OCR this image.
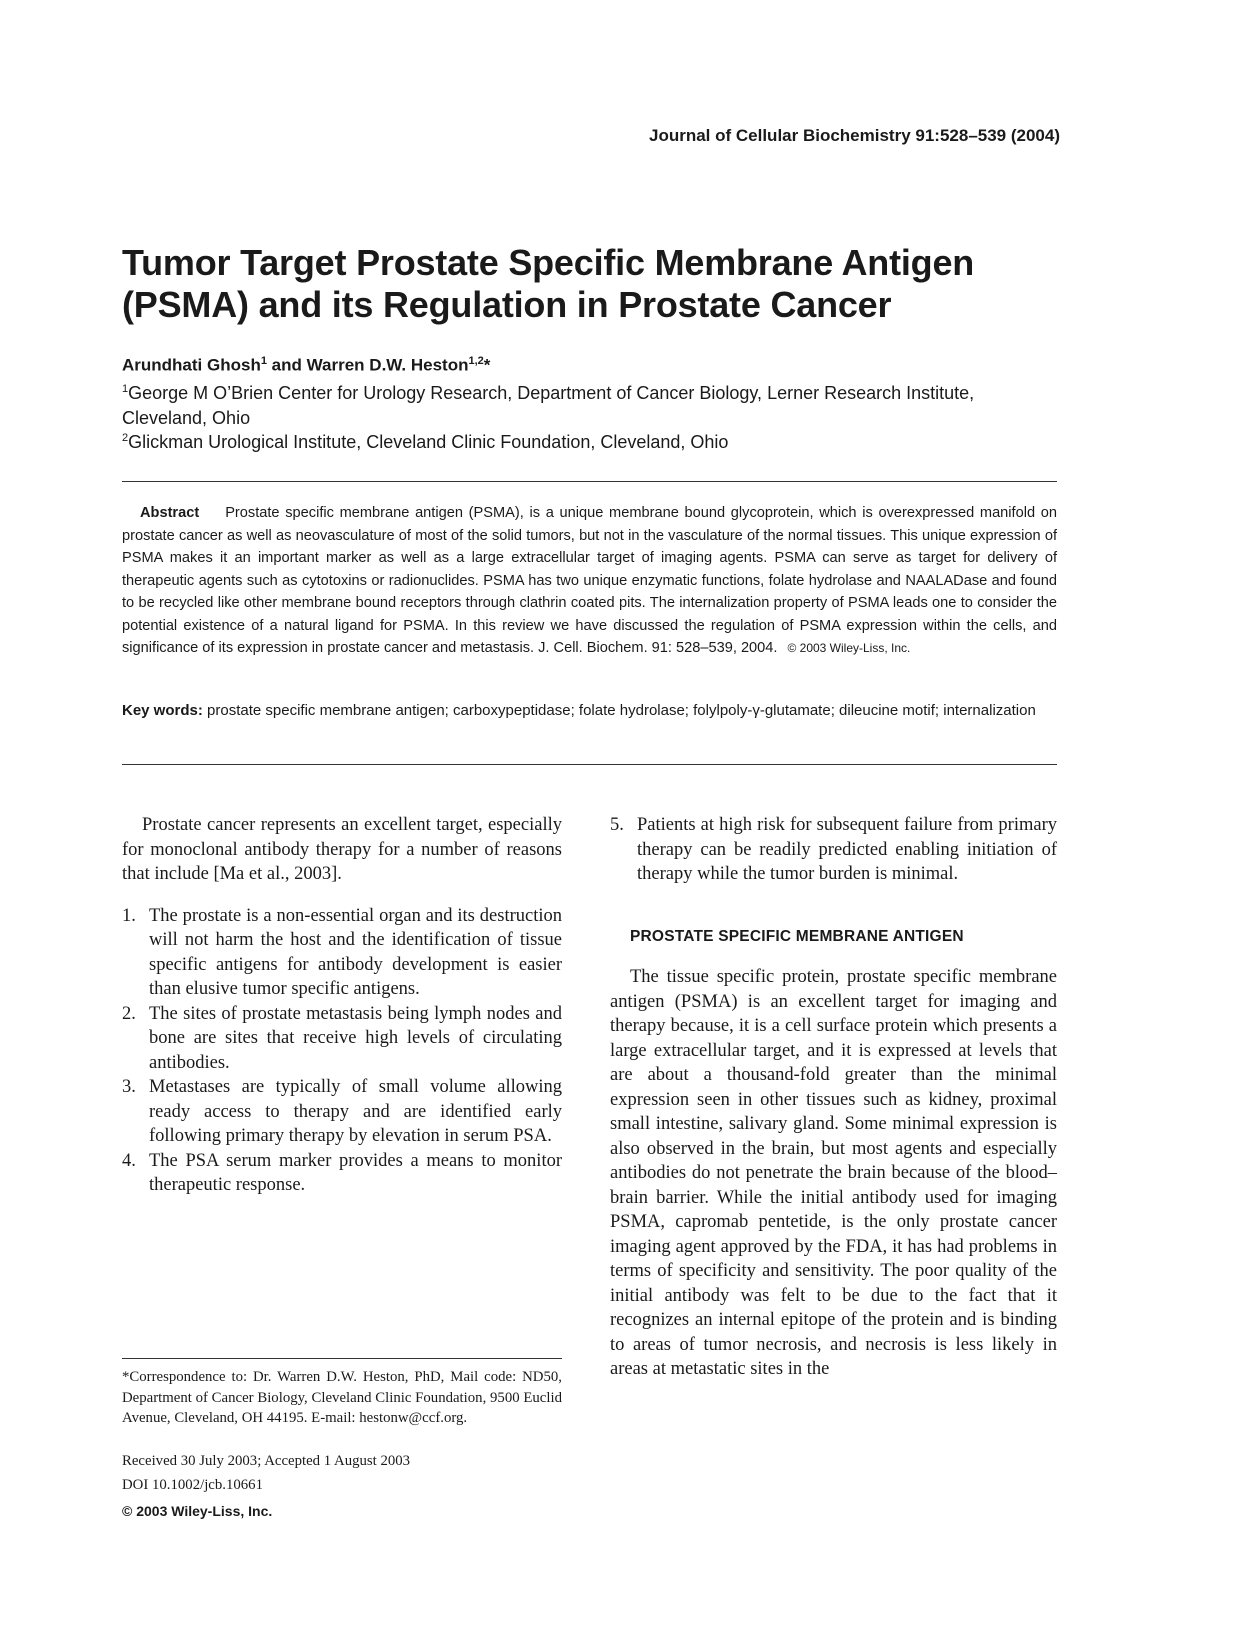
Journal of Cellular Biochemistry 91:528–539 (2004)
Tumor Target Prostate Specific Membrane Antigen (PSMA) and its Regulation in Prostate Cancer
Arundhati Ghosh$^1$ and Warren D.W. Heston$^{1,2}$*
$^1$George M O’Brien Center for Urology Research, Department of Cancer Biology, Lerner Research Institute, Cleveland, Ohio
$^2$Glickman Urological Institute, Cleveland Clinic Foundation, Cleveland, Ohio
Abstract Prostate specific membrane antigen (PSMA), is a unique membrane bound glycoprotein, which is overexpressed manifold on prostate cancer as well as neovasculature of most of the solid tumors, but not in the vasculature of the normal tissues. This unique expression of PSMA makes it an important marker as well as a large extracellular target of imaging agents. PSMA can serve as target for delivery of therapeutic agents such as cytotoxins or radionuclides. PSMA has two unique enzymatic functions, folate hydrolase and NAALADase and found to be recycled like other membrane bound receptors through clathrin coated pits. The internalization property of PSMA leads one to consider the potential existence of a natural ligand for PSMA. In this review we have discussed the regulation of PSMA expression within the cells, and significance of its expression in prostate cancer and metastasis. J. Cell. Biochem. 91: 528–539, 2004. © 2003 Wiley-Liss, Inc.
Key words: prostate specific membrane antigen; carboxypeptidase; folate hydrolase; folylpoly-γ-glutamate; dileucine motif; internalization

Prostate cancer represents an excellent target, especially for monoclonal antibody therapy for a number of reasons that include [Ma et al., 2003].

1. The prostate is a non-essential organ and its destruction will not harm the host and the identification of tissue specific antigens for antibody development is easier than elusive tumor specific antigens.
2. The sites of prostate metastasis being lymph nodes and bone are sites that receive high levels of circulating antibodies.
3. Metastases are typically of small volume allowing ready access to therapy and are identified early following primary therapy by elevation in serum PSA.
4. The PSA serum marker provides a means to monitor therapeutic response.
*Correspondence to: Dr. Warren D.W. Heston, PhD, Mail code: ND50, Department of Cancer Biology, Cleveland Clinic Foundation, 9500 Euclid Avenue, Cleveland, OH 44195. E-mail: hestonw@ccf.org.
Received 30 July 2003; Accepted 1 August 2003
DOI 10.1002/jcb.10661
© 2003 Wiley-Liss, Inc.
5. Patients at high risk for subsequent failure from primary therapy can be readily predicted enabling initiation of therapy while the tumor burden is minimal.
PROSTATE SPECIFIC MEMBRANE ANTIGEN

The tissue specific protein, prostate specific membrane antigen (PSMA) is an excellent target for imaging and therapy because, it is a cell surface protein which presents a large extracellular target, and it is expressed at levels that are about a thousand-fold greater than the minimal expression seen in other tissues such as kidney, proximal small intestine, salivary gland. Some minimal expression is also observed in the brain, but most agents and especially antibodies do not penetrate the brain because of the blood–brain barrier. While the initial antibody used for imaging PSMA, capromab pentetide, is the only prostate cancer imaging agent approved by the FDA, it has had problems in terms of specificity and sensitivity. The poor quality of the initial antibody was felt to be due to the fact that it recognizes an internal epitope of the protein and is binding to areas of tumor necrosis, and necrosis is less likely in areas at metastatic sites in the
